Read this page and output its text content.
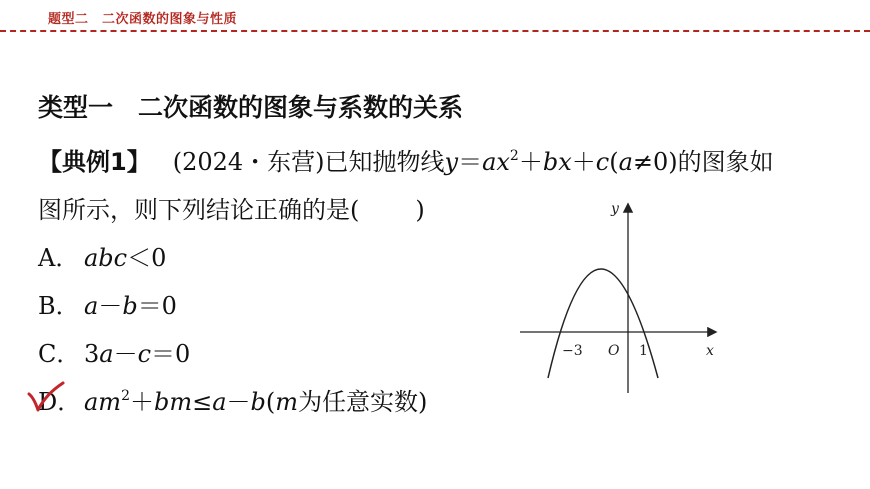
题型二　二次函数的图象与性质
类型一　二次函数的图象与系数的关系
【典例1】 (2024・东营)已知抛物线$y=ax^2+bx+c(a\ne 0)$的图象如
图所示，则下列结论正确的是( )
A． abc＜0
B． a－b＝0
C． 3a－c＝0
D． $am^2+bm\le a-b(m$为任意实数)
y
x
O
−3	1
